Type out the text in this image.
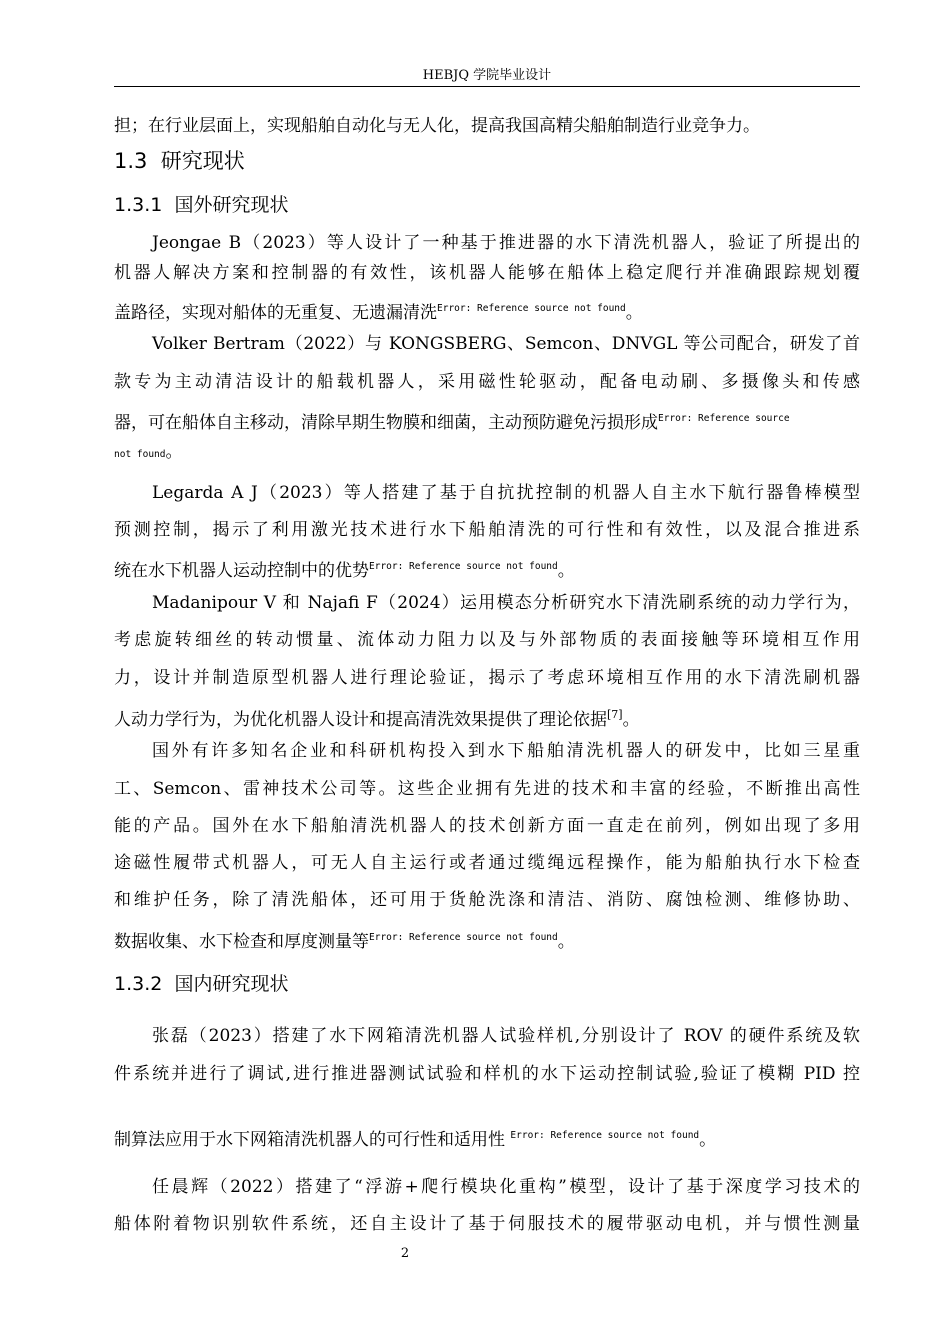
HEBJQ 学院毕业设计
担；在行业层面上，实现船舶自动化与无人化，提高我国高精尖船舶制造行业竞争力。
1.3 研究现状
1.3.1 国外研究现状
Jeongae B（2023）等人设计了一种基于推进器的水下清洗机器人，验证了所提出的
机器人解决方案和控制器的有效性，该机器人能够在船体上稳定爬行并准确跟踪规划覆
盖路径，实现对船体的无重复、无遗漏清洗$^{Error: Reference source not found}$。
Volker Bertram（2022）与 KONGSBERG、Semcon、DNVGL 等公司配合，研发了首
款专为主动清洁设计的船载机器人，采用磁性轮驱动，配备电动刷、多摄像头和传感
器，可在船体自主移动，清除早期生物膜和细菌，主动预防避免污损形成$^{Error: Reference source}$
not found。
Legarda A J（2023）等人搭建了基于自抗扰控制的机器人自主水下航行器鲁棒模型
预测控制，揭示了利用激光技术进行水下船舶清洗的可行性和有效性，以及混合推进系
统在水下机器人运动控制中的优势$^{Error: Reference source not found}$。
Madanipour V 和 Najafi F（2024）运用模态分析研究水下清洗刷系统的动力学行为，
考虑旋转细丝的转动惯量、流体动力阻力以及与外部物质的表面接触等环境相互作用
力，设计并制造原型机器人进行理论验证，揭示了考虑环境相互作用的水下清洗刷机器
人动力学行为，为优化机器人设计和提高清洗效果提供了理论依据[7]。
国外有许多知名企业和科研机构投入到水下船舶清洗机器人的研发中，比如三星重
工、Semcon、雷神技术公司等。这些企业拥有先进的技术和丰富的经验，不断推出高性
能的产品。国外在水下船舶清洗机器人的技术创新方面一直走在前列，例如出现了多用
途磁性履带式机器人，可无人自主运行或者通过缆绳远程操作，能为船舶执行水下检查
和维护任务，除了清洗船体，还可用于货舱洗涤和清洁、消防、腐蚀检测、维修协助、
数据收集、水下检查和厚度测量等$^{Error: Reference source not found}$。
1.3.2 国内研究现状
张磊（2023）搭建了水下网箱清洗机器人试验样机,分别设计了 ROV 的硬件系统及软
件系统并进行了调试,进行推进器测试试验和样机的水下运动控制试验,验证了模糊 PID 控
制算法应用于水下网箱清洗机器人的可行性和适用性 $^{Error: Reference source not found}$。
任晨辉（2022）搭建了“浮游+爬行模块化重构”模型，设计了基于深度学习技术的
船体附着物识别软件系统，还自主设计了基于伺服技术的履带驱动电机，并与惯性测量
2
